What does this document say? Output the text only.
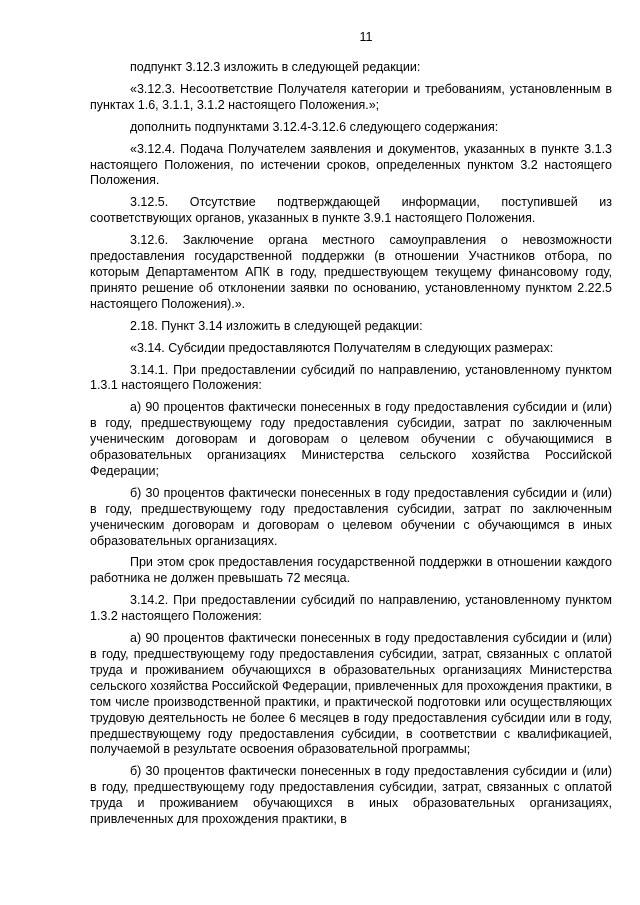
11

подпункт 3.12.3 изложить в следующей редакции:

«3.12.3. Несоответствие Получателя категории и требованиям, установленным в пунктах 1.6, 3.1.1, 3.1.2 настоящего Положения.»;

дополнить подпунктами 3.12.4-3.12.6 следующего содержания:

«3.12.4. Подача Получателем заявления и документов, указанных в пункте 3.1.3 настоящего Положения, по истечении сроков, определенных пунктом 3.2 настоящего Положения.

3.12.5. Отсутствие подтверждающей информации, поступившей из соответствующих органов, указанных в пункте 3.9.1 настоящего Положения.

3.12.6. Заключение органа местного самоуправления о невозможности предоставления государственной поддержки (в отношении Участников отбора, по которым Департаментом АПК в году, предшествующем текущему финансовому году, принято решение об отклонении заявки по основанию, установленному пунктом 2.22.5 настоящего Положения).».

2.18. Пункт 3.14 изложить в следующей редакции:

«3.14. Субсидии предоставляются Получателям в следующих размерах:

3.14.1. При предоставлении субсидий по направлению, установленному пунктом 1.3.1 настоящего Положения:

а) 90 процентов фактически понесенных в году предоставления субсидии и (или) в году, предшествующему году предоставления субсидии, затрат по заключенным ученическим договорам и договорам о целевом обучении с обучающимися в образовательных организациях Министерства сельского хозяйства Российской Федерации;

б) 30 процентов фактически понесенных в году предоставления субсидии и (или) в году, предшествующему году предоставления субсидии, затрат по заключенным ученическим договорам и договорам о целевом обучении с обучающимся в иных образовательных организациях.

При этом срок предоставления государственной поддержки в отношении каждого работника не должен превышать 72 месяца.

3.14.2. При предоставлении субсидий по направлению, установленному пунктом 1.3.2 настоящего Положения:

а) 90 процентов фактически понесенных в году предоставления субсидии и (или) в году, предшествующему году предоставления субсидии, затрат, связанных с оплатой труда и проживанием обучающихся в образовательных организациях Министерства сельского хозяйства Российской Федерации, привлеченных для прохождения практики, в том числе производственной практики, и практической подготовки или осуществляющих трудовую деятельность не более 6 месяцев в году предоставления субсидии или в году, предшествующему году предоставления субсидии, в соответствии с квалификацией, получаемой в результате освоения образовательной программы;

б) 30 процентов фактически понесенных в году предоставления субсидии и (или) в году, предшествующему году предоставления субсидии, затрат, связанных с оплатой труда и проживанием обучающихся в иных образовательных организациях, привлеченных для прохождения практики, в
